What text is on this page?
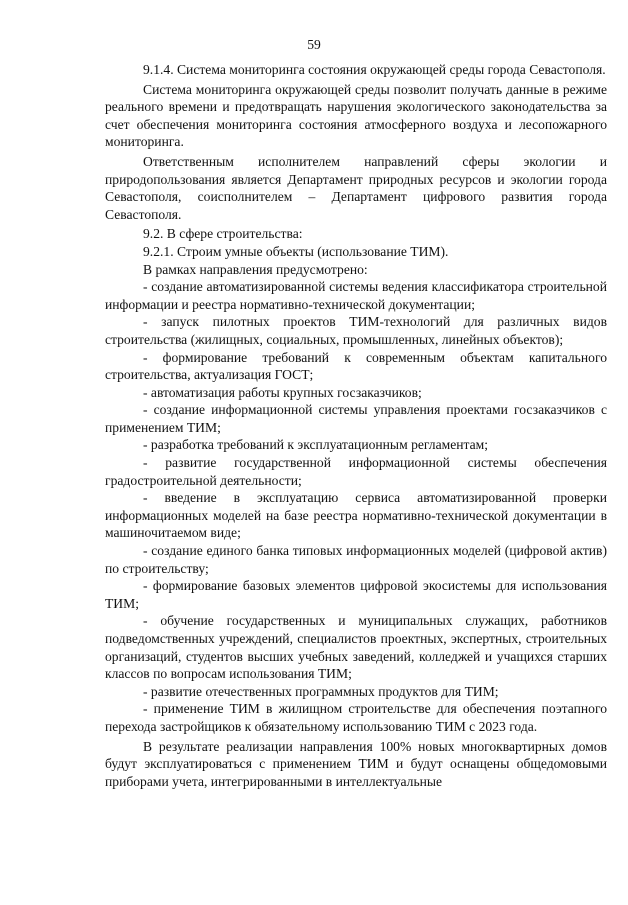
59

9.1.4. Система мониторинга состояния окружающей среды города Севастополя.

Система мониторинга окружающей среды позволит получать данные в режиме реального времени и предотвращать нарушения экологического законодательства за счет обеспечения мониторинга состояния атмосферного воздуха и лесопожарного мониторинга.

Ответственным исполнителем направлений сферы экологии и природопользования является Департамент природных ресурсов и экологии города Севастополя, соисполнителем – Департамент цифрового развития города Севастополя.

9.2. В сфере строительства:

9.2.1. Строим умные объекты (использование ТИМ).

В рамках направления предусмотрено:

- создание автоматизированной системы ведения классификатора строительной информации и реестра нормативно-технической документации;

- запуск пилотных проектов ТИМ-технологий для различных видов строительства (жилищных, социальных, промышленных, линейных объектов);

- формирование требований к современным объектам капитального строительства, актуализация ГОСТ;

- автоматизация работы крупных госзаказчиков;

- создание информационной системы управления проектами госзаказчиков с применением ТИМ;

- разработка требований к эксплуатационным регламентам;

- развитие государственной информационной системы обеспечения градостроительной деятельности;

- введение в эксплуатацию сервиса автоматизированной проверки информационных моделей на базе реестра нормативно-технической документации в машиночитаемом виде;

- создание единого банка типовых информационных моделей (цифровой актив) по строительству;

- формирование базовых элементов цифровой экосистемы для использования ТИМ;

- обучение государственных и муниципальных служащих, работников подведомственных учреждений, специалистов проектных, экспертных, строительных организаций, студентов высших учебных заведений, колледжей и учащихся старших классов по вопросам использования ТИМ;

- развитие отечественных программных продуктов для ТИМ;

- применение ТИМ в жилищном строительстве для обеспечения поэтапного перехода застройщиков к обязательному использованию ТИМ с 2023 года.

В результате реализации направления 100% новых многоквартирных домов будут эксплуатироваться с применением ТИМ и будут оснащены общедомовыми приборами учета, интегрированными в интеллектуальные
